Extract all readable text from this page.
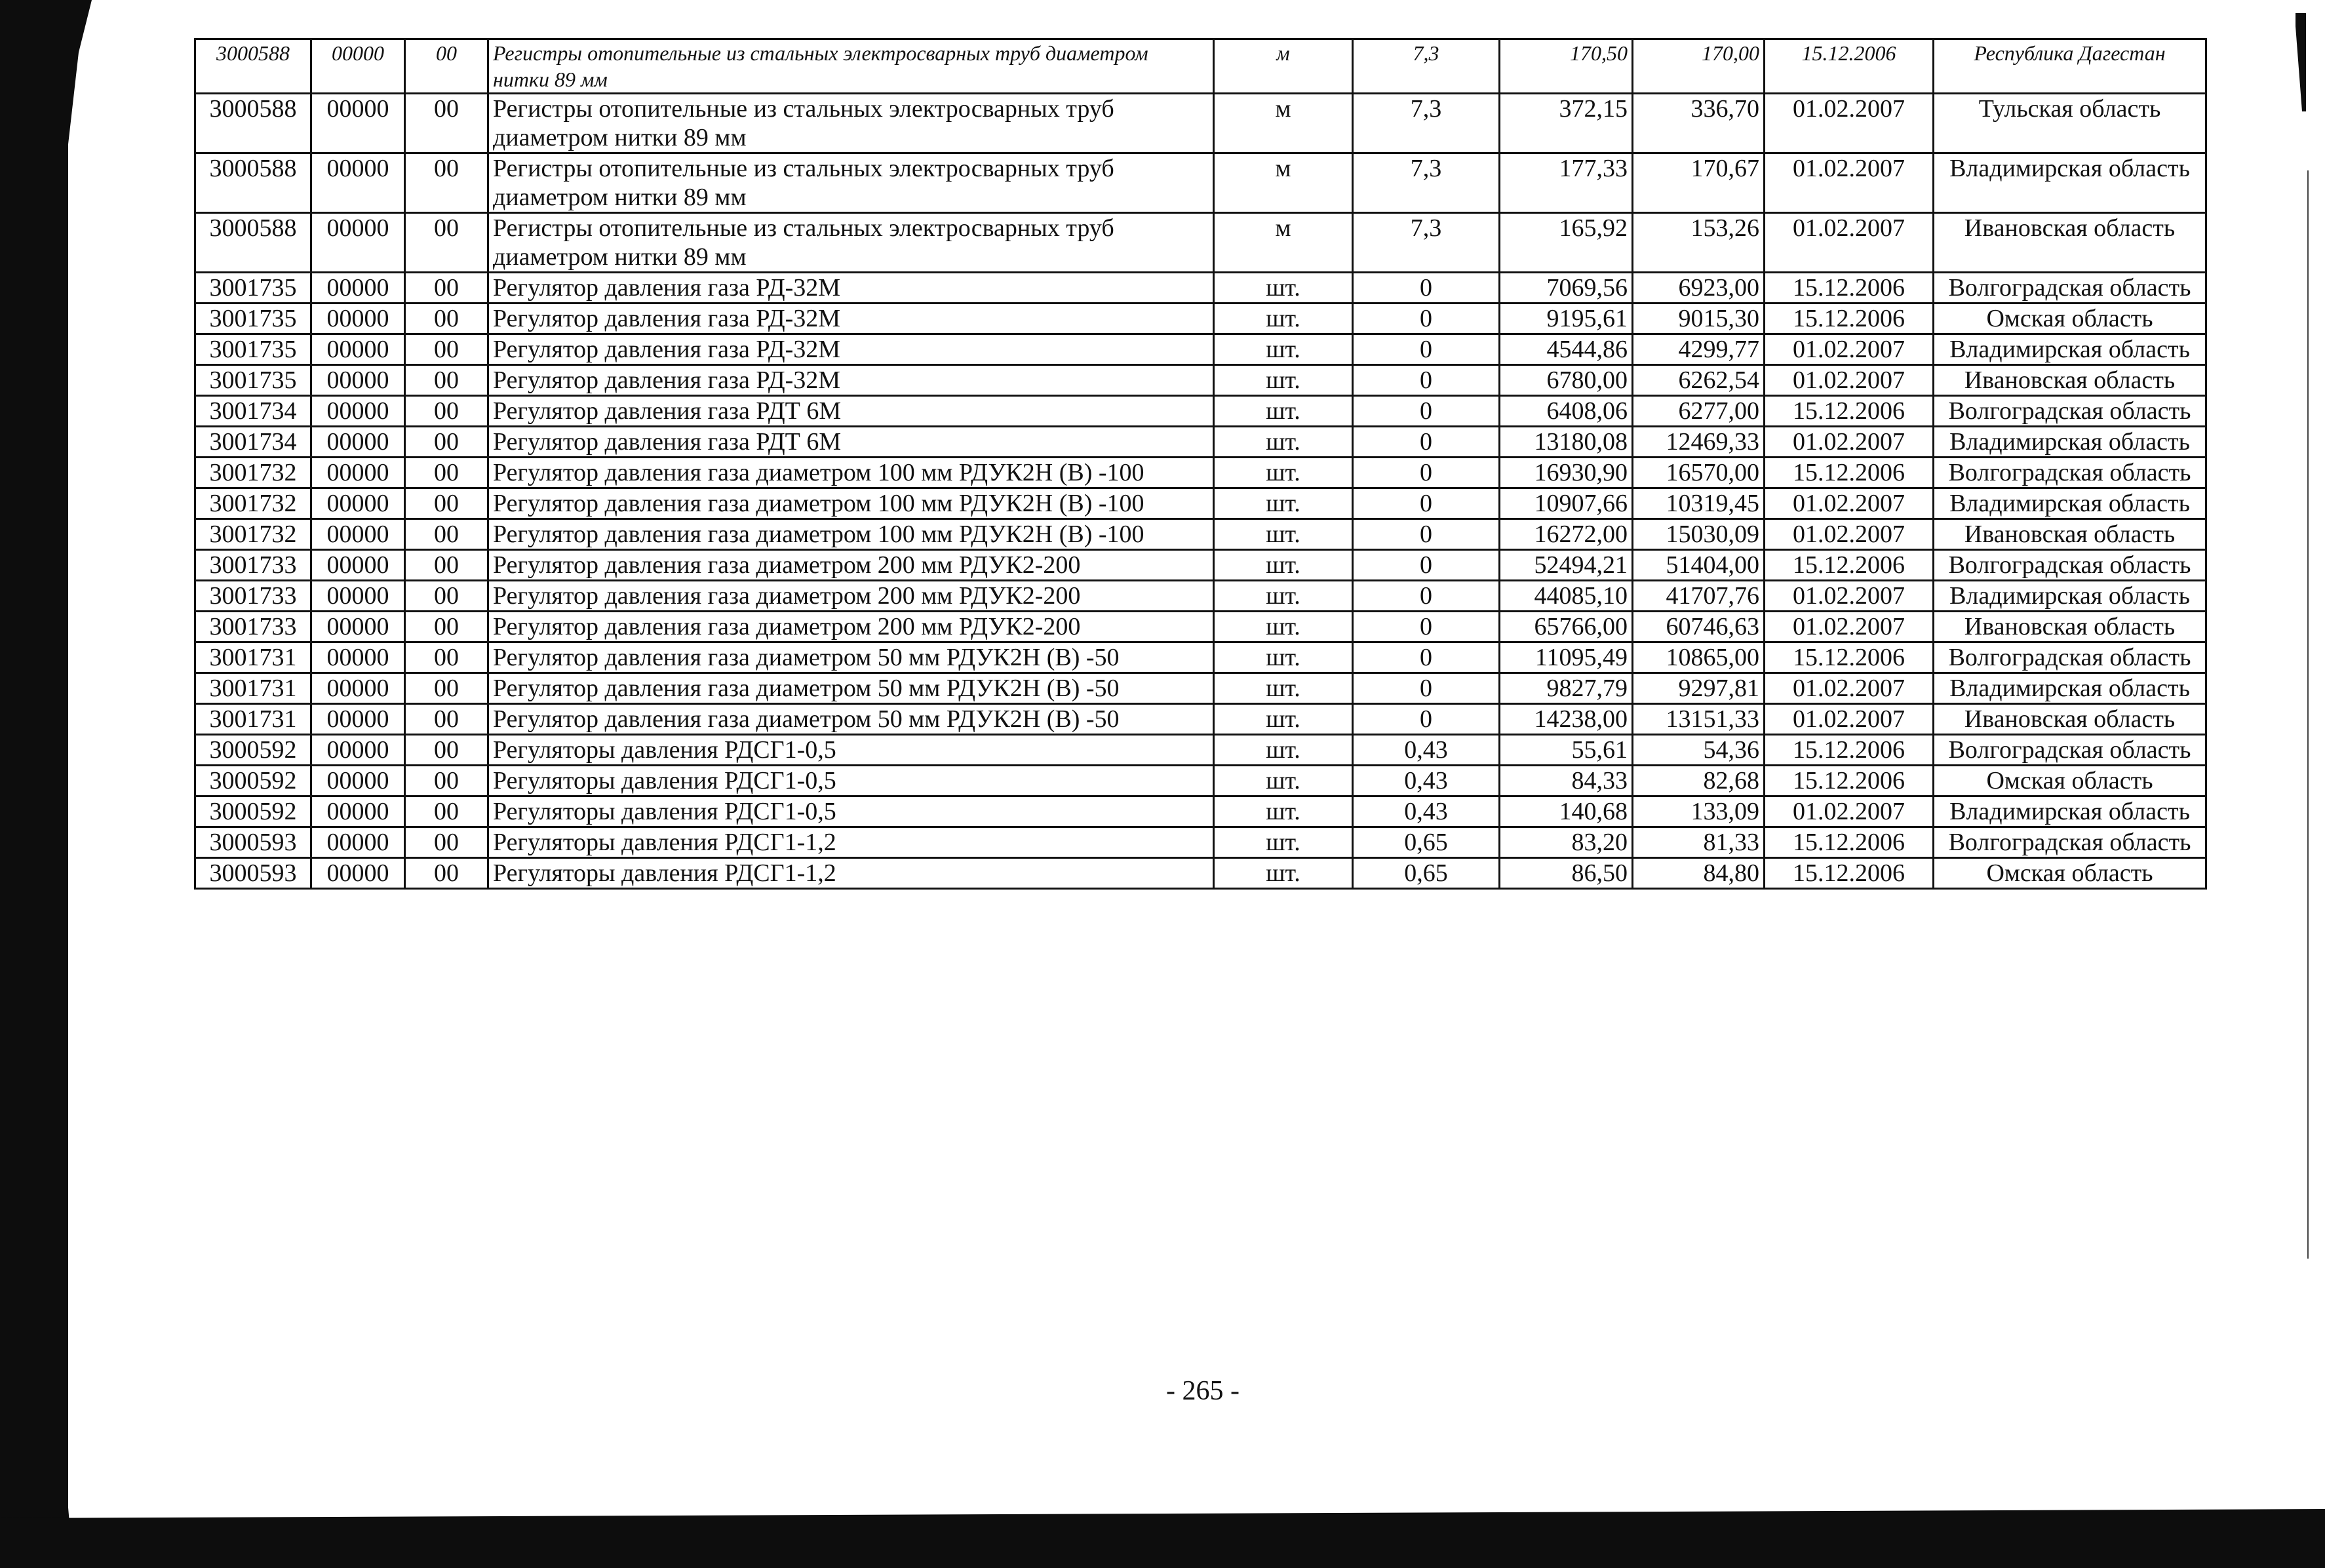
3000588	00000	00	Регистры отопительные из стальных электросварных труб диаметром нитки 89 мм	м	7,3	170,50	170,00	15.12.2006	Республика Дагестан
3000588	00000	00	Регистры отопительные из стальных электросварных труб диаметром нитки 89 мм	м	7,3	372,15	336,70	01.02.2007	Тульская область
3000588	00000	00	Регистры отопительные из стальных электросварных труб диаметром нитки 89 мм	м	7,3	177,33	170,67	01.02.2007	Владимирская область
3000588	00000	00	Регистры отопительные из стальных электросварных труб диаметром нитки 89 мм	м	7,3	165,92	153,26	01.02.2007	Ивановская область
3001735	00000	00	Регулятор давления газа РД-32М	шт.	0	7069,56	6923,00	15.12.2006	Волгоградская область
3001735	00000	00	Регулятор давления газа РД-32М	шт.	0	9195,61	9015,30	15.12.2006	Омская область
3001735	00000	00	Регулятор давления газа РД-32М	шт.	0	4544,86	4299,77	01.02.2007	Владимирская область
3001735	00000	00	Регулятор давления газа РД-32М	шт.	0	6780,00	6262,54	01.02.2007	Ивановская область
3001734	00000	00	Регулятор давления газа РДТ 6М	шт.	0	6408,06	6277,00	15.12.2006	Волгоградская область
3001734	00000	00	Регулятор давления газа РДТ 6М	шт.	0	13180,08	12469,33	01.02.2007	Владимирская область
3001732	00000	00	Регулятор давления газа диаметром 100 мм РДУК2Н (В) -100	шт.	0	16930,90	16570,00	15.12.2006	Волгоградская область
3001732	00000	00	Регулятор давления газа диаметром 100 мм РДУК2Н (В) -100	шт.	0	10907,66	10319,45	01.02.2007	Владимирская область
3001732	00000	00	Регулятор давления газа диаметром 100 мм РДУК2Н (В) -100	шт.	0	16272,00	15030,09	01.02.2007	Ивановская область
3001733	00000	00	Регулятор давления газа диаметром 200 мм РДУК2-200	шт.	0	52494,21	51404,00	15.12.2006	Волгоградская область
3001733	00000	00	Регулятор давления газа диаметром 200 мм РДУК2-200	шт.	0	44085,10	41707,76	01.02.2007	Владимирская область
3001733	00000	00	Регулятор давления газа диаметром 200 мм РДУК2-200	шт.	0	65766,00	60746,63	01.02.2007	Ивановская область
3001731	00000	00	Регулятор давления газа диаметром 50 мм РДУК2Н (В) -50	шт.	0	11095,49	10865,00	15.12.2006	Волгоградская область
3001731	00000	00	Регулятор давления газа диаметром 50 мм РДУК2Н (В) -50	шт.	0	9827,79	9297,81	01.02.2007	Владимирская область
3001731	00000	00	Регулятор давления газа диаметром 50 мм РДУК2Н (В) -50	шт.	0	14238,00	13151,33	01.02.2007	Ивановская область
3000592	00000	00	Регуляторы давления РДСГ1-0,5	шт.	0,43	55,61	54,36	15.12.2006	Волгоградская область
3000592	00000	00	Регуляторы давления РДСГ1-0,5	шт.	0,43	84,33	82,68	15.12.2006	Омская область
3000592	00000	00	Регуляторы давления РДСГ1-0,5	шт.	0,43	140,68	133,09	01.02.2007	Владимирская область
3000593	00000	00	Регуляторы давления РДСГ1-1,2	шт.	0,65	83,20	81,33	15.12.2006	Волгоградская область
3000593	00000	00	Регуляторы давления РДСГ1-1,2	шт.	0,65	86,50	84,80	15.12.2006	Омская область
- 265 -
